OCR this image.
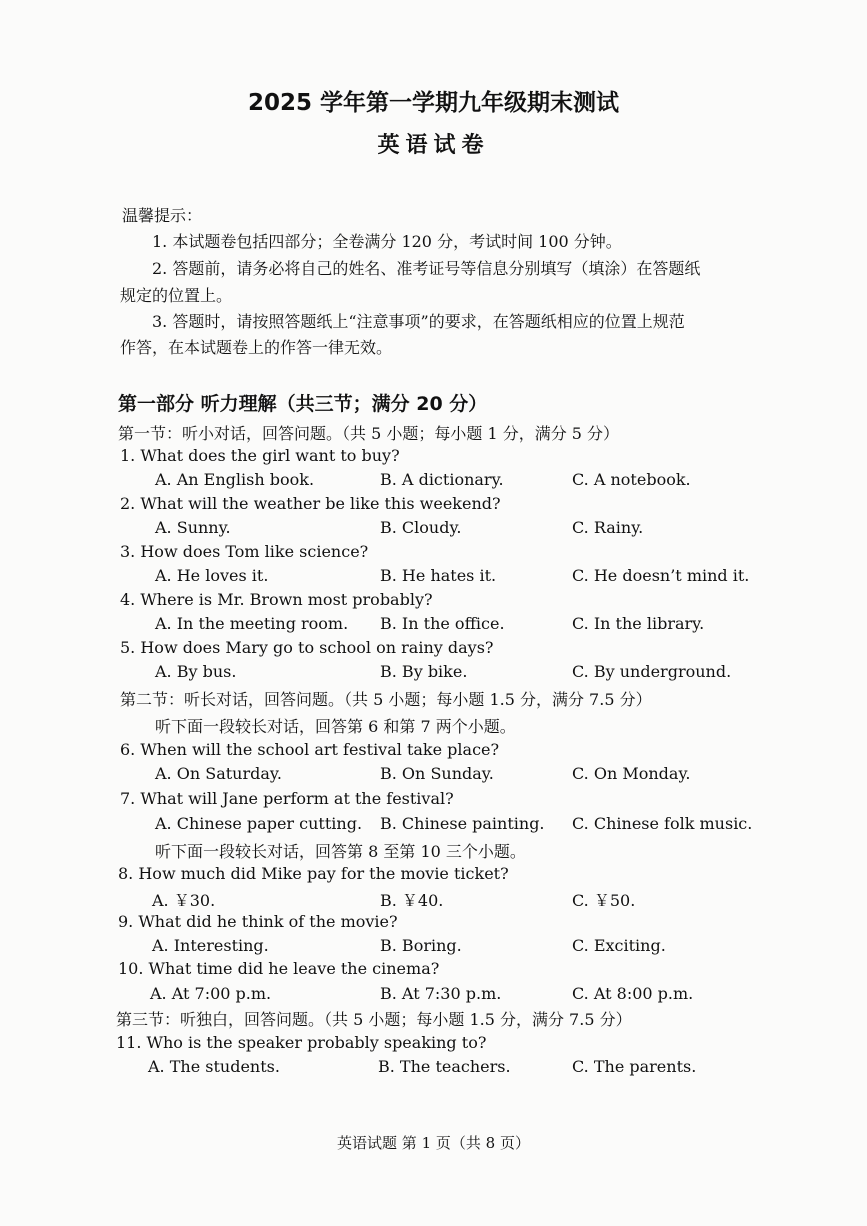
2025 学年第一学期九年级期末测试
英语试卷
温馨提示：
1. 本试题卷包括四部分；全卷满分 120 分，考试时间 100 分钟。
2. 答题前，请务必将自己的姓名、准考证号等信息分别填写（填涂）在答题纸
规定的位置上。
3. 答题时，请按照答题纸上“注意事项”的要求，在答题纸相应的位置上规范
作答，在本试题卷上的作答一律无效。
第一部分 听力理解（共三节；满分 20 分）
第一节：听小对话，回答问题。（共 5 小题；每小题 1 分，满分 5 分）
1. What does the girl want to buy?
A. An English book.	B. A dictionary.	C. A notebook.
2. What will the weather be like this weekend?
A. Sunny.	B. Cloudy.	C. Rainy.
3. How does Tom like science?
A. He loves it.	B. He hates it.	C. He doesn’t mind it.
4. Where is Mr. Brown most probably?
A. In the meeting room. B. In the office.	C. In the library.
5. How does Mary go to school on rainy days?
A. By bus.	B. By bike.	C. By underground.
第二节：听长对话，回答问题。（共 5 小题；每小题 1.5 分，满分 7.5 分）
听下面一段较长对话，回答第 6 和第 7 两个小题。
6. When will the school art festival take place?
A. On Saturday.	B. On Sunday.	C. On Monday.
7. What will Jane perform at the festival?
A. Chinese paper cutting. B. Chinese painting. C. Chinese folk music.
听下面一段较长对话，回答第 8 至第 10 三个小题。
8. How much did Mike pay for the movie ticket?
A. ￥30.	B. ￥40.	C. ￥50.
9. What did he think of the movie?
A. Interesting.	B. Boring.	C. Exciting.
10. What time did he leave the cinema?
A. At 7:00 p.m.	B. At 7:30 p.m.	C. At 8:00 p.m.
第三节：听独白，回答问题。（共 5 小题；每小题 1.5 分，满分 7.5 分）
11. Who is the speaker probably speaking to?
A. The students.	B. The teachers.	C. The parents.
英语试题 第 1 页（共 8 页）
